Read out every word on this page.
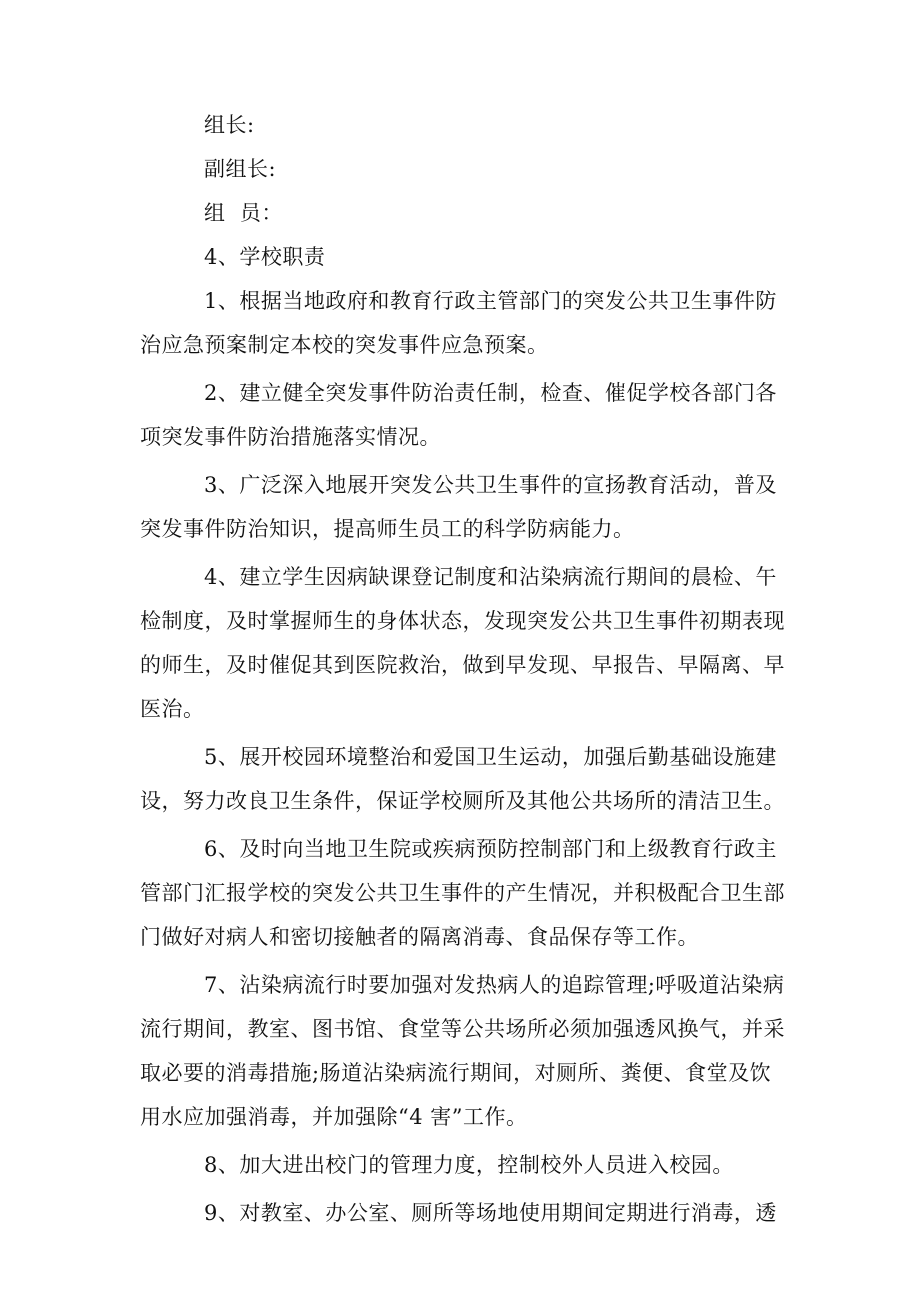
组长:

副组长:

组  员：

4、学校职责

1、根据当地政府和教育行政主管部门的突发公共卫生事件防

治应急预案制定本校的突发事件应急预案。

2、建立健全突发事件防治责任制，检查、催促学校各部门各

项突发事件防治措施落实情况。

3、广泛深入地展开突发公共卫生事件的宣扬教育活动，普及

突发事件防治知识，提高师生员工的科学防病能力。

4、建立学生因病缺课登记制度和沾染病流行期间的晨检、午

检制度，及时掌握师生的身体状态，发现突发公共卫生事件初期表现

的师生，及时催促其到医院救治，做到早发现、早报告、早隔离、早

医治。

5、展开校园环境整治和爱国卫生运动，加强后勤基础设施建

设，努力改良卫生条件，保证学校厕所及其他公共场所的清洁卫生。

6、及时向当地卫生院或疾病预防控制部门和上级教育行政主

管部门汇报学校的突发公共卫生事件的产生情况，并积极配合卫生部

门做好对病人和密切接触者的隔离消毒、食品保存等工作。

7、沾染病流行时要加强对发热病人的追踪管理;呼吸道沾染病

流行期间，教室、图书馆、食堂等公共场所必须加强透风换气，并采

取必要的消毒措施;肠道沾染病流行期间，对厕所、粪便、食堂及饮

用水应加强消毒，并加强除“4 害”工作。

8、加大进出校门的管理力度，控制校外人员进入校园。

9、对教室、办公室、厕所等场地使用期间定期进行消毒，透
